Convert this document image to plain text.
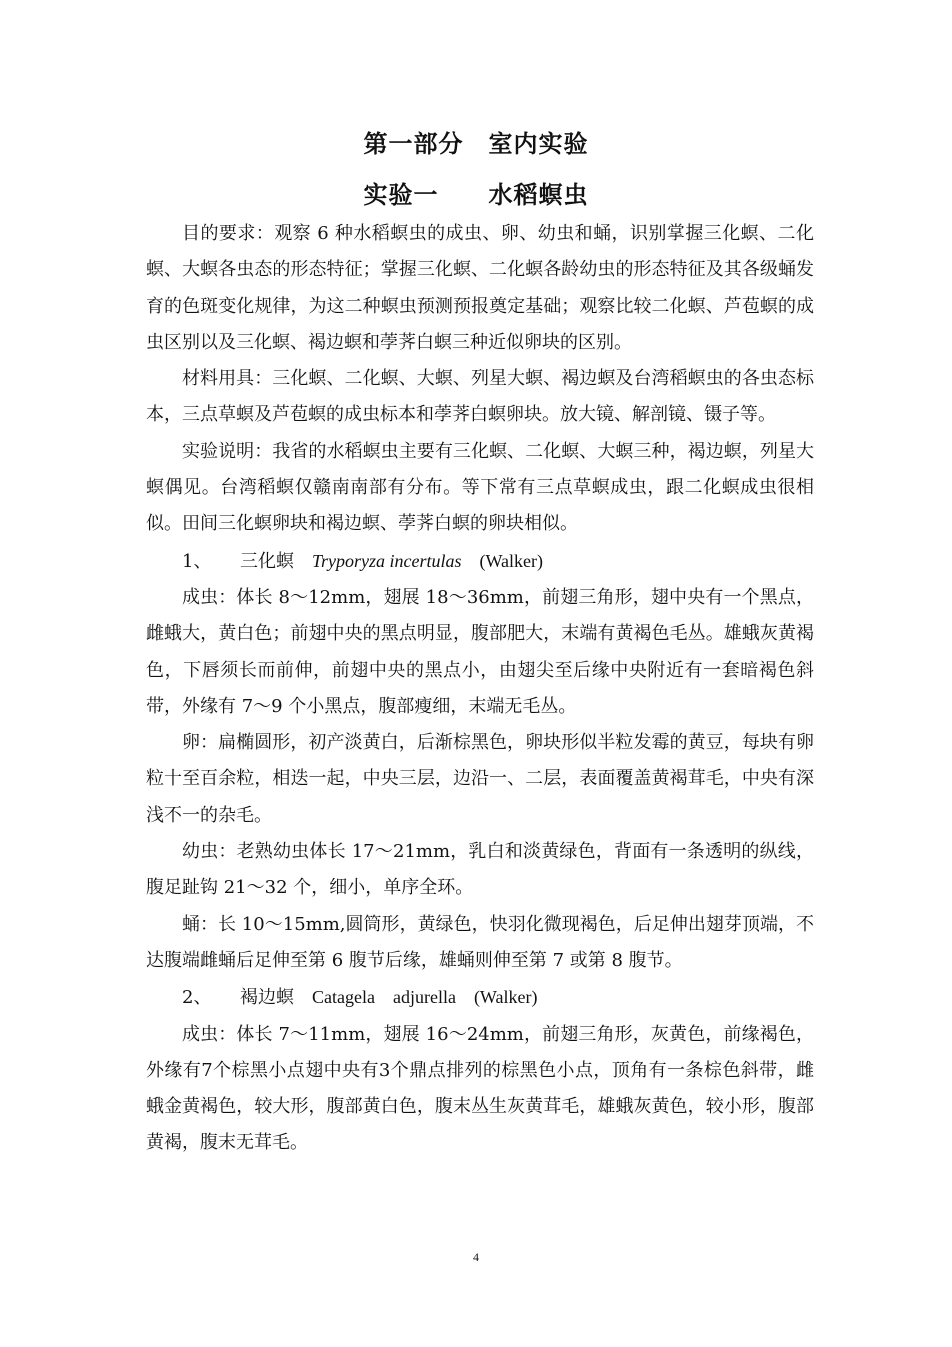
第一部分　室内实验
实验一　　水稻螟虫

目的要求：观察 6 种水稻螟虫的成虫、卵、幼虫和蛹，识别掌握三化螟、二化螟、大螟各虫态的形态特征；掌握三化螟、二化螟各龄幼虫的形态特征及其各级蛹发育的色斑变化规律，为这二种螟虫预测预报奠定基础；观察比较二化螟、芦苞螟的成虫区别以及三化螟、褐边螟和荸荠白螟三种近似卵块的区别。

材料用具：三化螟、二化螟、大螟、列星大螟、褐边螟及台湾稻螟虫的各虫态标本，三点草螟及芦苞螟的成虫标本和荸荠白螟卵块。放大镜、解剖镜、镊子等。

实验说明：我省的水稻螟虫主要有三化螟、二化螟、大螟三种，褐边螟，列星大螟偶见。台湾稻螟仅赣南南部有分布。等下常有三点草螟成虫，跟二化螟成虫很相似。田间三化螟卵块和褐边螟、荸荠白螟的卵块相似。

1、 三化螟 Tryporyza incertulas (Walker)

成虫：体长 8～12mm，翅展 18～36mm，前翅三角形，翅中央有一个黑点，雌蛾大，黄白色；前翅中央的黑点明显，腹部肥大，末端有黄褐色毛丛。雄蛾灰黄褐色，下唇须长而前伸，前翅中央的黑点小，由翅尖至后缘中央附近有一套暗褐色斜带，外缘有 7～9 个小黑点，腹部瘦细，末端无毛丛。

卵：扁椭圆形，初产淡黄白，后渐棕黑色，卵块形似半粒发霉的黄豆，每块有卵粒十至百余粒，相迭一起，中央三层，边沿一、二层，表面覆盖黄褐茸毛，中央有深浅不一的杂毛。

幼虫：老熟幼虫体长 17～21mm，乳白和淡黄绿色，背面有一条透明的纵线，腹足趾钩 21～32 个，细小，单序全环。

蛹：长 10～15mm,圆筒形，黄绿色，快羽化微现褐色，后足伸出翅芽顶端，不达腹端雌蛹后足伸至第 6 腹节后缘，雄蛹则伸至第 7 或第 8 腹节。

2、 褐边螟 Catagela　adjurella (Walker)

成虫：体长 7～11mm，翅展 16～24mm，前翅三角形，灰黄色，前缘褐色，外缘有7个棕黑小点翅中央有3个鼎点排列的棕黑色小点，顶角有一条棕色斜带，雌蛾金黄褐色，较大形，腹部黄白色，腹末丛生灰黄茸毛，雄蛾灰黄色，较小形，腹部黄褐，腹末无茸毛。

4
